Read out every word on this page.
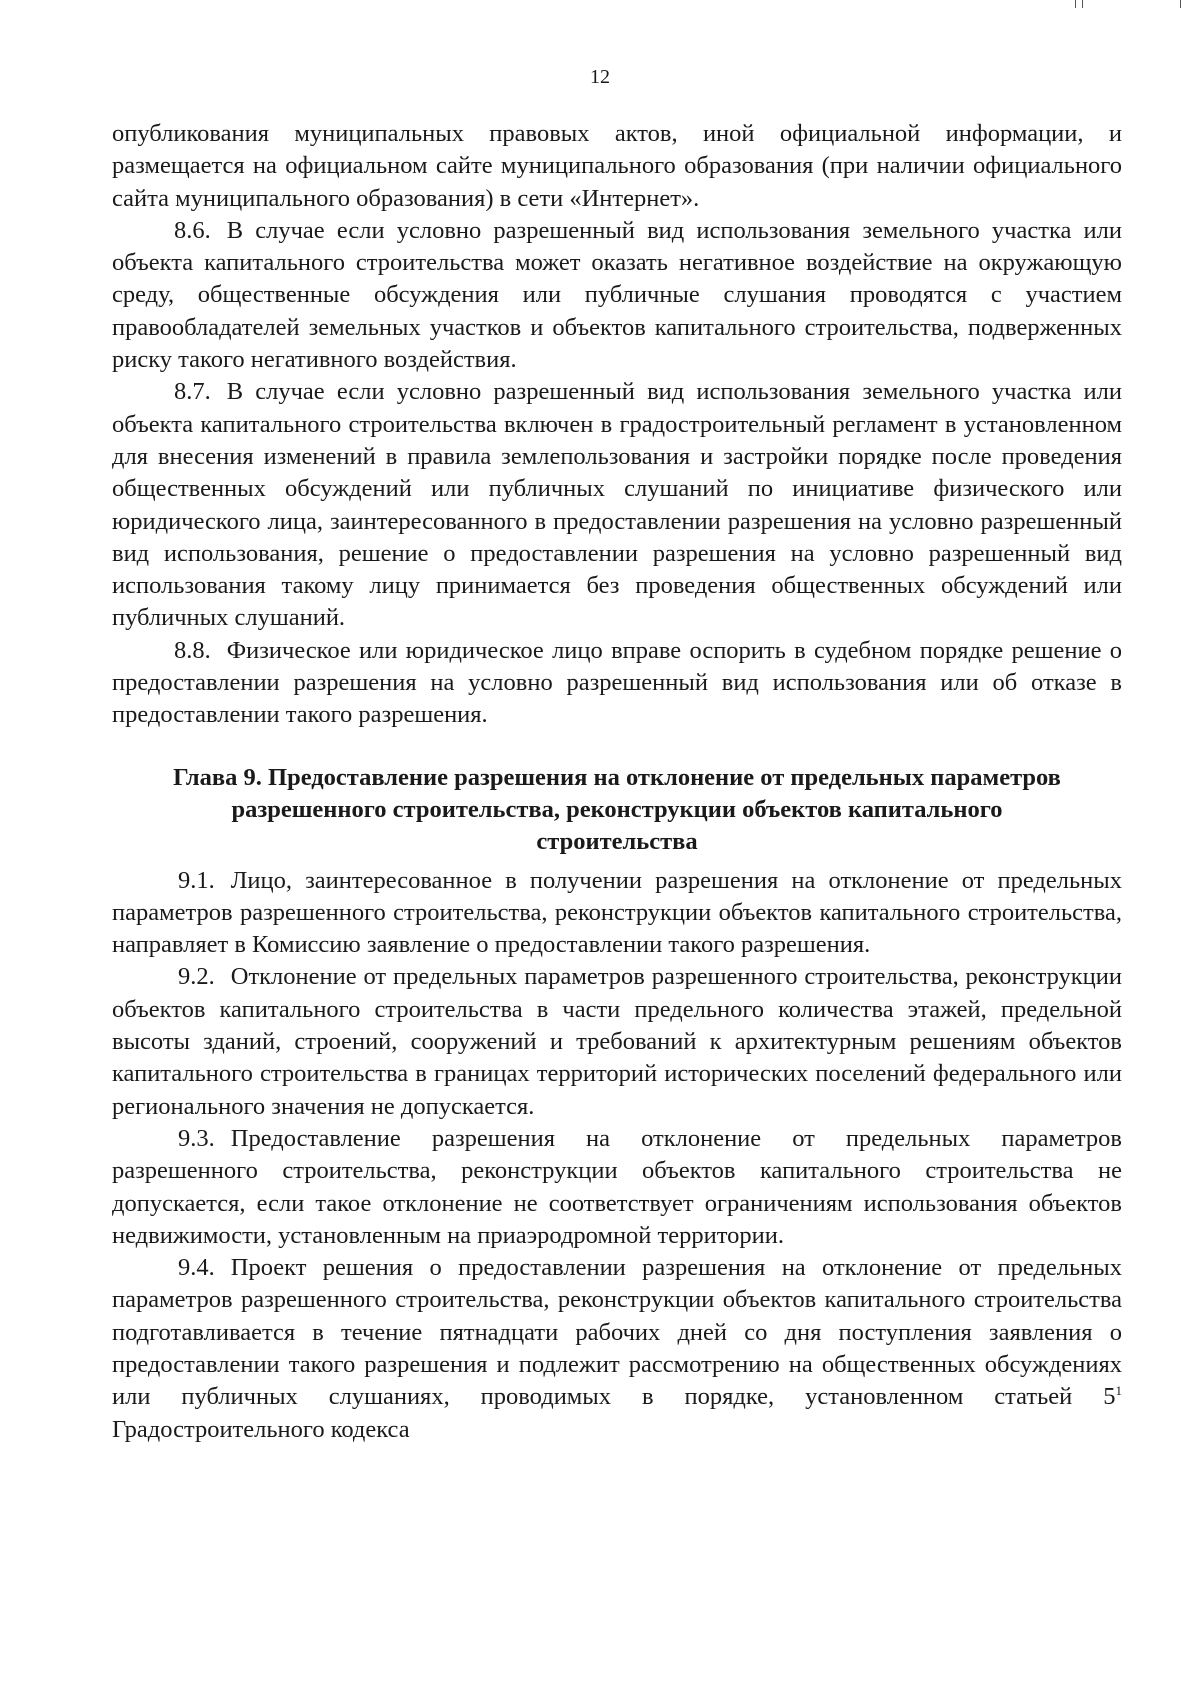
12

опубликования муниципальных правовых актов, иной официальной информации, и размещается на официальном сайте муниципального образования (при наличии официального сайта муниципального образования) в сети «Интернет».

8.6. В случае если условно разрешенный вид использования земельного участка или объекта капитального строительства может оказать негативное воздействие на окружающую среду, общественные обсуждения или публичные слушания проводятся с участием правообладателей земельных участков и объектов капитального строительства, подверженных риску такого негативного воздействия.

8.7. В случае если условно разрешенный вид использования земельного участка или объекта капитального строительства включен в градостроительный регламент в установленном для внесения изменений в правила землепользования и застройки порядке после проведения общественных обсуждений или публичных слушаний по инициативе физического или юридического лица, заинтересованного в предоставлении разрешения на условно разрешенный вид использования, решение о предоставлении разрешения на условно разрешенный вид использования такому лицу принимается без проведения общественных обсуждений или публичных слушаний.

8.8. Физическое или юридическое лицо вправе оспорить в судебном порядке решение о предоставлении разрешения на условно разрешенный вид использования или об отказе в предоставлении такого разрешения.

Глава 9. Предоставление разрешения на отклонение от предельных параметров разрешенного строительства, реконструкции объектов капитального строительства

9.1. Лицо, заинтересованное в получении разрешения на отклонение от предельных параметров разрешенного строительства, реконструкции объектов капитального строительства, направляет в Комиссию заявление о предоставлении такого разрешения.

9.2. Отклонение от предельных параметров разрешенного строительства, реконструкции объектов капитального строительства в части предельного количества этажей, предельной высоты зданий, строений, сооружений и требований к архитектурным решениям объектов капитального строительства в границах территорий исторических поселений федерального или регионального значения не допускается.

9.3. Предоставление разрешения на отклонение от предельных параметров разрешенного строительства, реконструкции объектов капитального строительства не допускается, если такое отклонение не соответствует ограничениям использования объектов недвижимости, установленным на приаэродромной территории.

9.4. Проект решения о предоставлении разрешения на отклонение от предельных параметров разрешенного строительства, реконструкции объектов капитального строительства подготавливается в течение пятнадцати рабочих дней со дня поступления заявления о предоставлении такого разрешения и подлежит рассмотрению на общественных обсуждениях или публичных слушаниях, проводимых в порядке, установленном статьей $5^1$ Градостроительного кодекса
